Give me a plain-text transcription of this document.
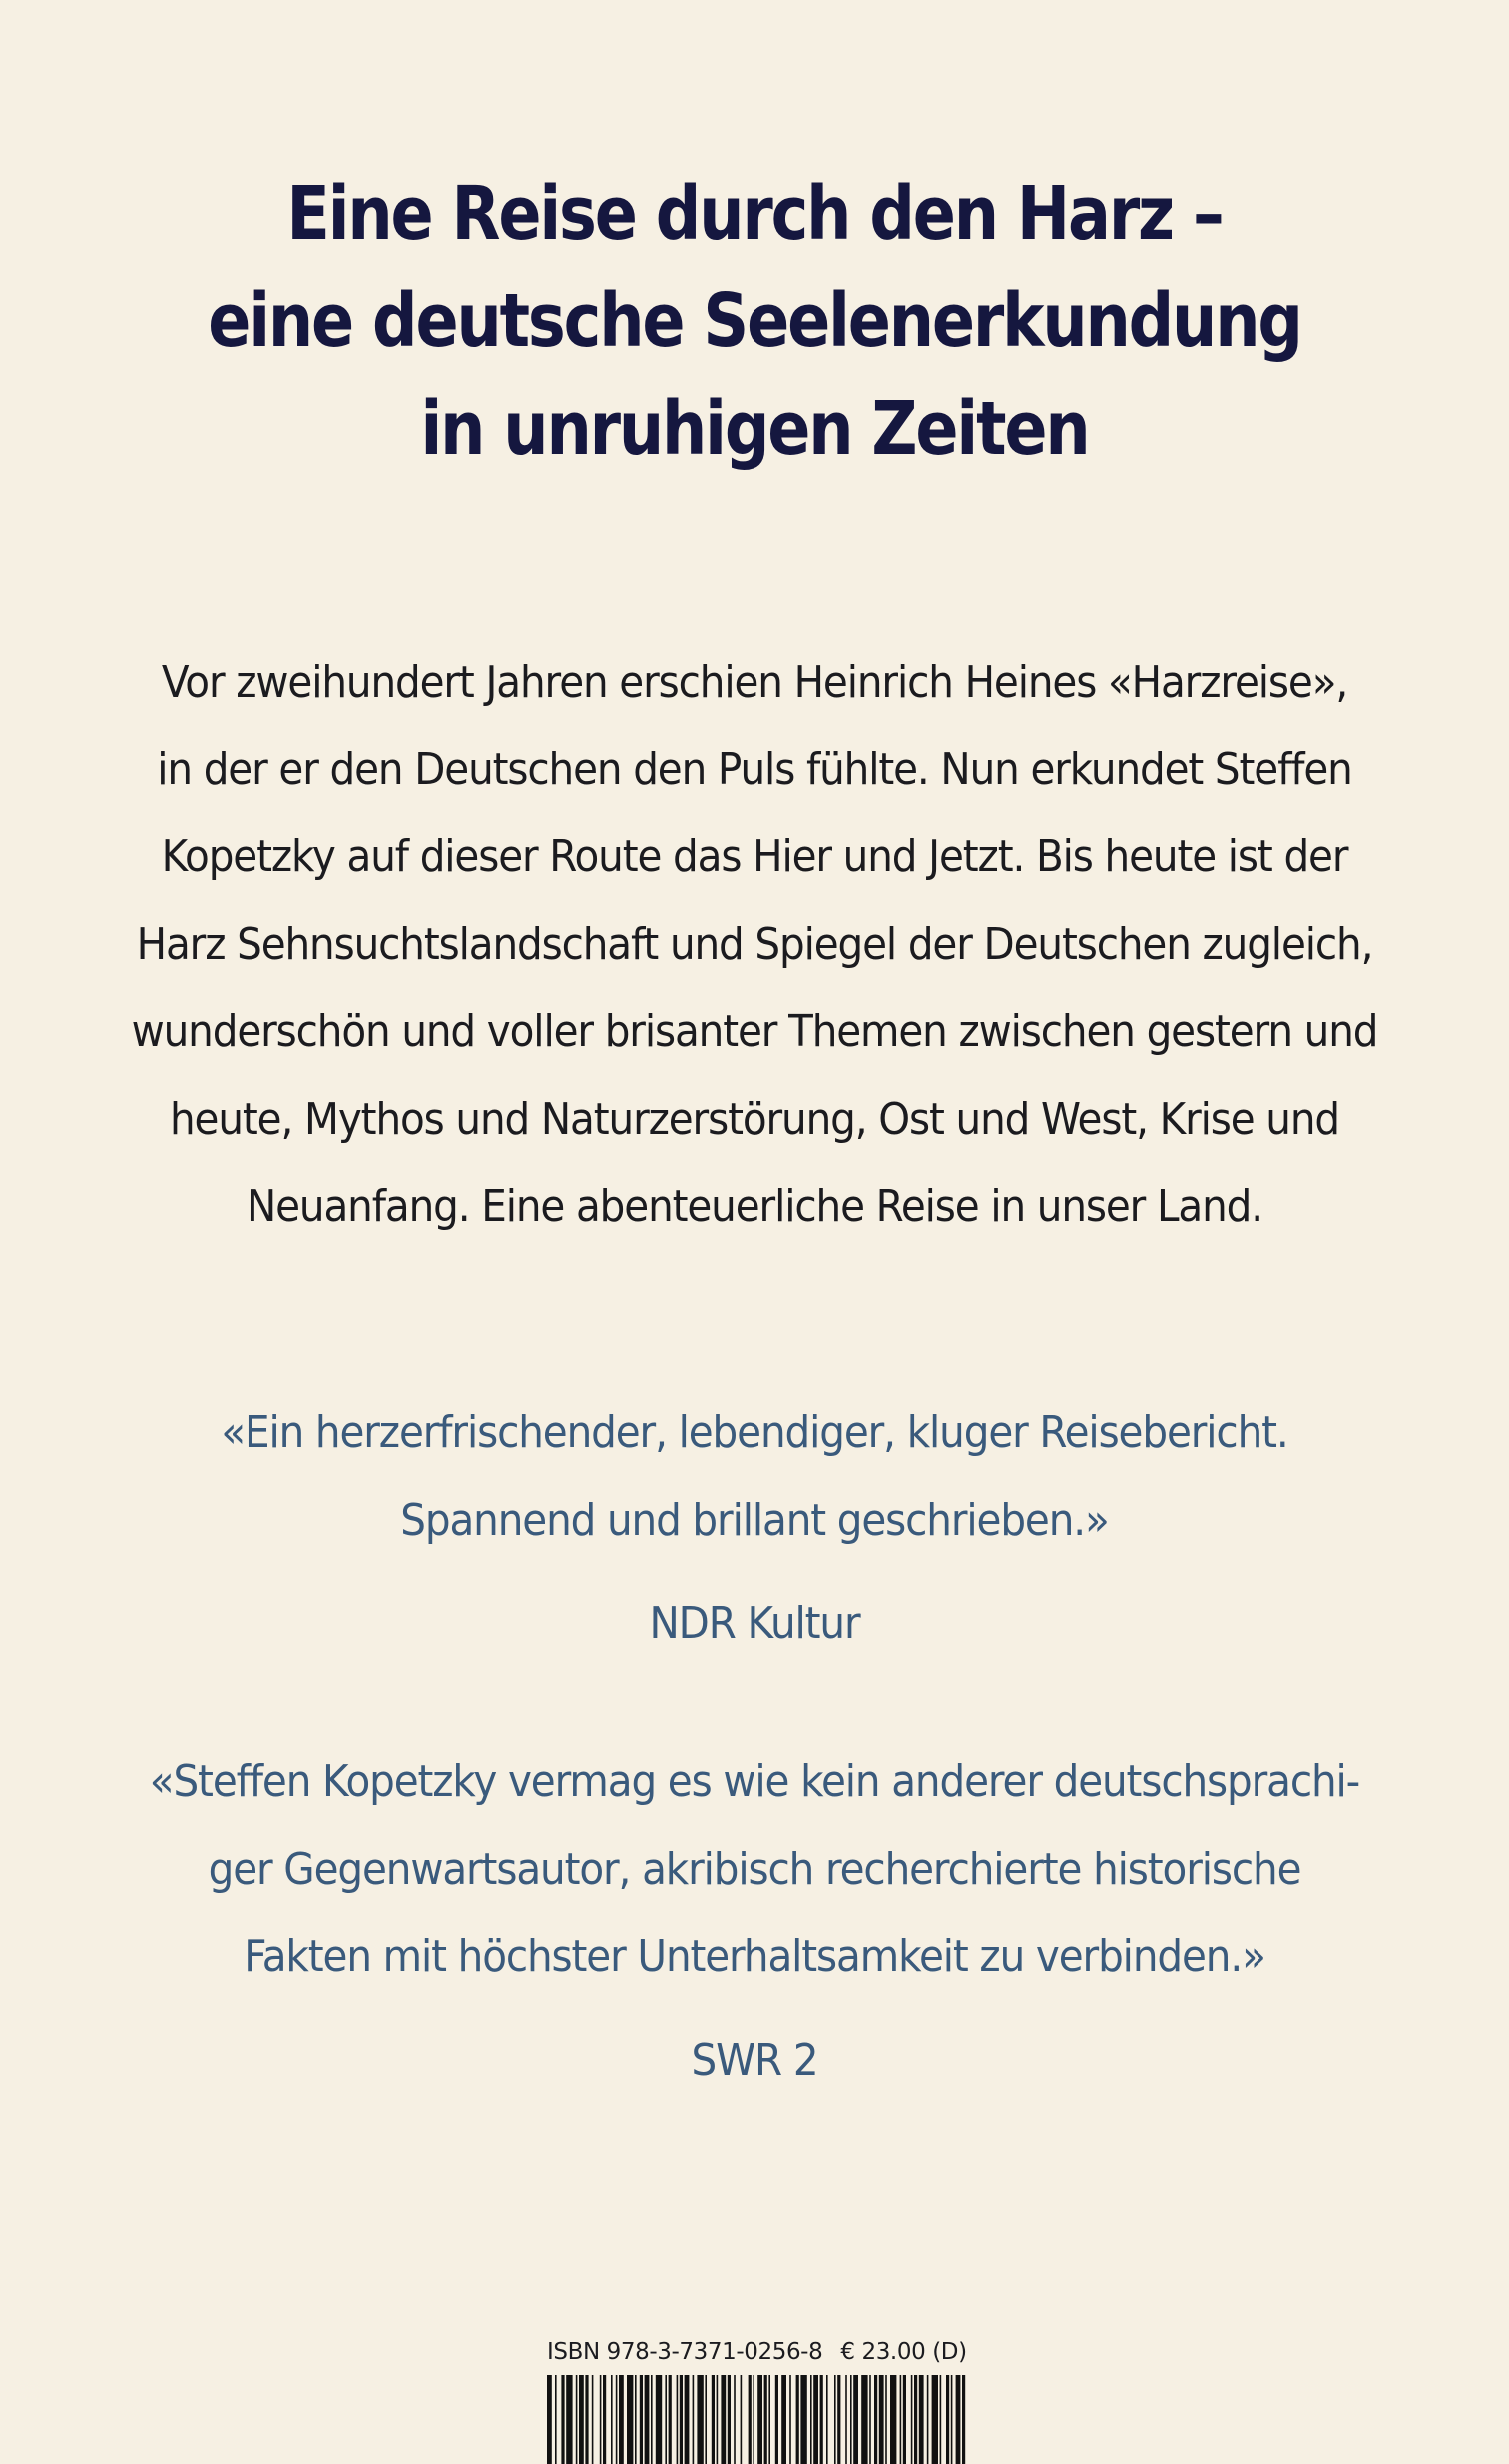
Eine Reise durch den Harz –
eine deutsche Seelenerkundung
in unruhigen Zeiten
Vor zweihundert Jahren erschien Heinrich Heines «Harzreise»,
in der er den Deutschen den Puls fühlte. Nun erkundet Steffen
Kopetzky auf dieser Route das Hier und Jetzt. Bis heute ist der
Harz Sehnsuchtslandschaft und Spiegel der Deutschen zugleich,
wunderschön und voller brisanter Themen zwischen gestern und
heute, Mythos und Naturzerstörung, Ost und West, Krise und
Neuanfang. Eine abenteuerliche Reise in unser Land.
«Ein herzerfrischender, lebendiger, kluger Reisebericht.
Spannend und brillant geschrieben.»
NDR Kultur
«Steffen Kopetzky vermag es wie kein anderer deutschsprachi-
ger Gegenwartsautor, akribisch recherchierte historische
Fakten mit höchster Unterhaltsamkeit zu verbinden.»
SWR 2
ISBN 978-3-7371-0256-8 € 23.00 (D)
